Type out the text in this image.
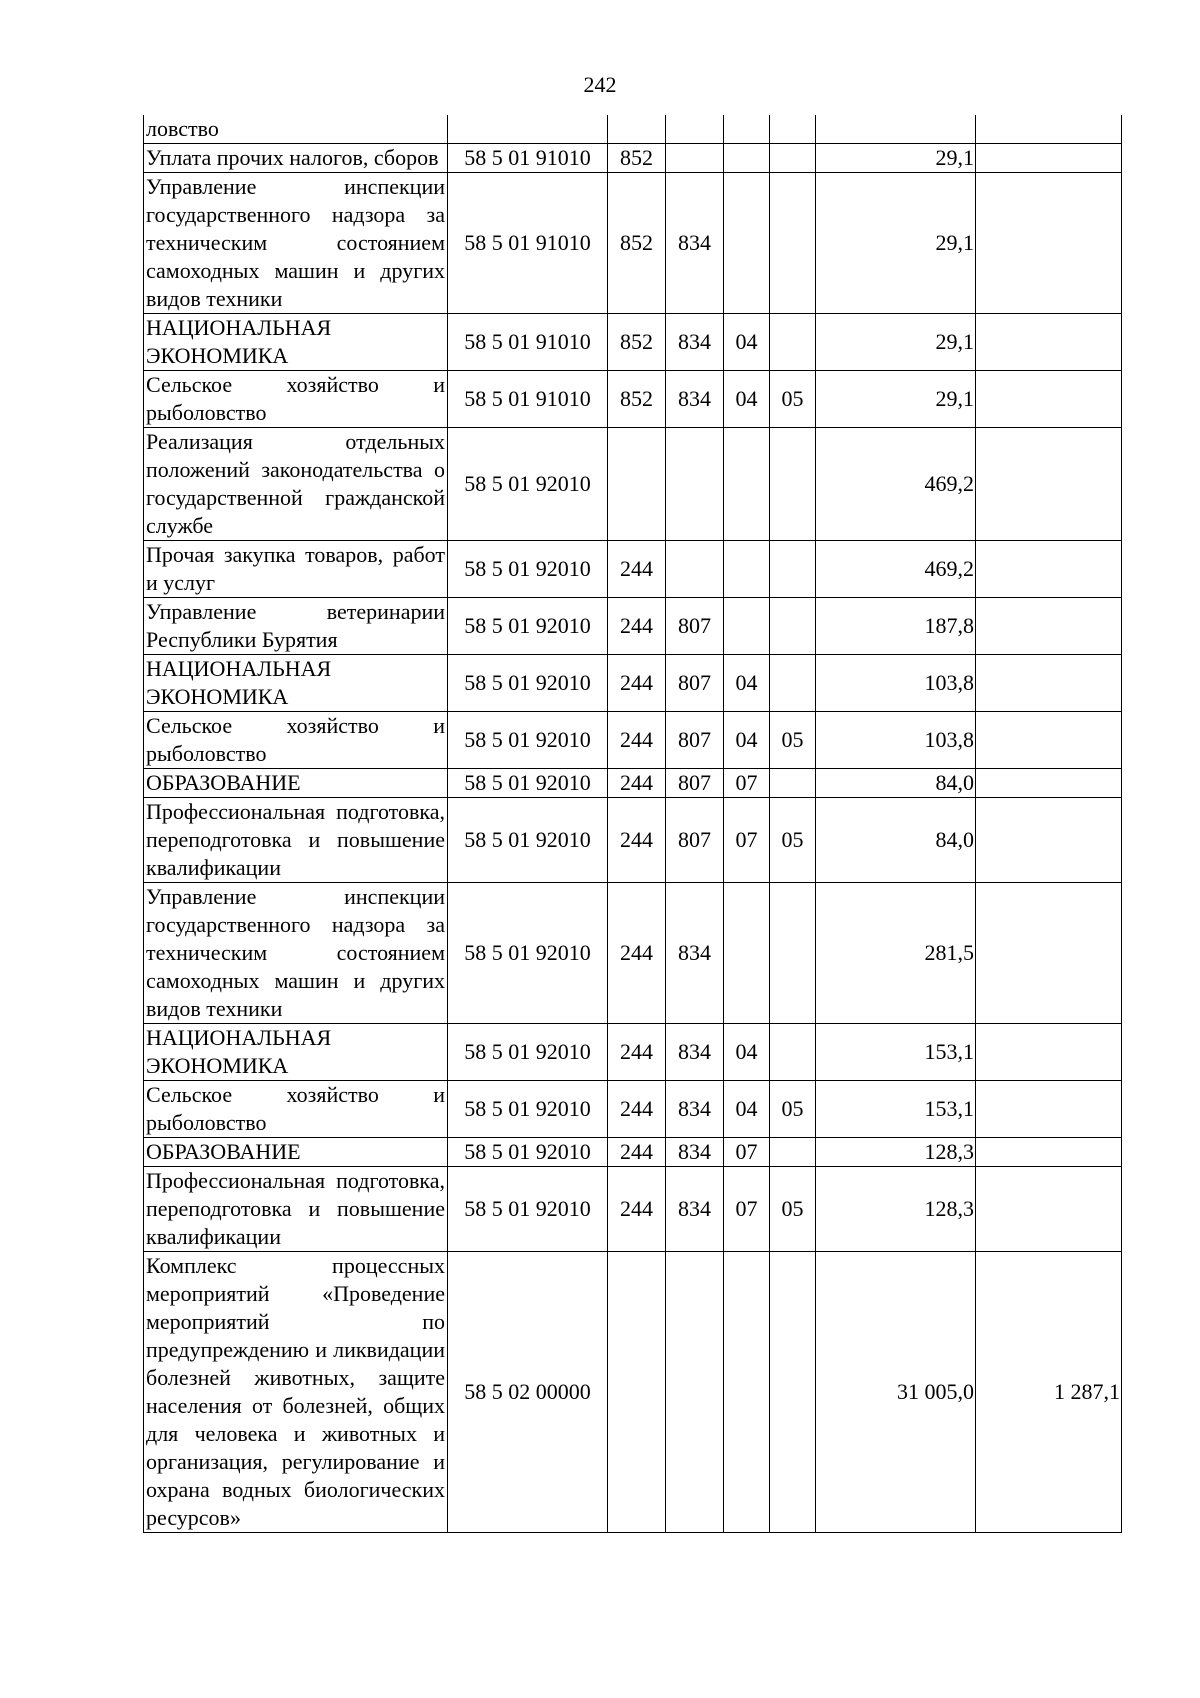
242
ловство							
Уплата прочих налогов, сборов	58 5 01 91010	852				29,1	
Управление инспекции государственного надзора за техническим состоянием самоходных машин и других видов техники	58 5 01 91010	852	834			29,1	
НАЦИОНАЛЬНАЯ ЭКОНОМИКА	58 5 01 91010	852	834	04		29,1	
Сельское хозяйство и рыболовство	58 5 01 91010	852	834	04	05	29,1	
Реализация отдельных положений законодательства о государственной гражданской службе	58 5 01 92010					469,2	
Прочая закупка товаров, работ и услуг	58 5 01 92010	244				469,2	
Управление ветеринарии Республики Бурятия	58 5 01 92010	244	807			187,8	
НАЦИОНАЛЬНАЯ ЭКОНОМИКА	58 5 01 92010	244	807	04		103,8	
Сельское хозяйство и рыболовство	58 5 01 92010	244	807	04	05	103,8	
ОБРАЗОВАНИЕ	58 5 01 92010	244	807	07		84,0	
Профессиональная подготовка, переподготовка и повышение квалификации	58 5 01 92010	244	807	07	05	84,0	
Управление инспекции государственного надзора за техническим состоянием самоходных машин и других видов техники	58 5 01 92010	244	834			281,5	
НАЦИОНАЛЬНАЯ ЭКОНОМИКА	58 5 01 92010	244	834	04		153,1	
Сельское хозяйство и рыболовство	58 5 01 92010	244	834	04	05	153,1	
ОБРАЗОВАНИЕ	58 5 01 92010	244	834	07		128,3	
Профессиональная подготовка, переподготовка и повышение квалификации	58 5 01 92010	244	834	07	05	128,3	
Комплекс процессных мероприятий «Проведение мероприятий по предупреждению и ликвидации болезней животных, защите населения от болезней, общих для человека и животных и организация, регулирование и охрана водных биологических ресурсов»	58 5 02 00000					31 005,0	1 287,1
